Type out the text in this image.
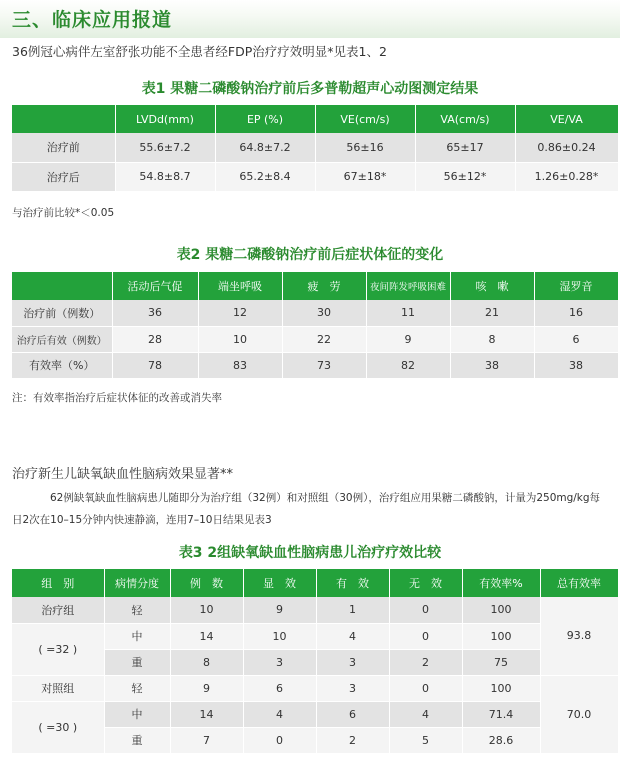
三、临床应用报道
36例冠心病伴左室舒张功能不全患者经FDP治疗疗效明显*见表1、2
表1 果糖二磷酸钠治疗前后多普勒超声心动图测定结果
	LVDd(mm)	EP (%)	VE(cm/s)	VA(cm/s)	VE/VA
治疗前	55.6±7.2	64.8±7.2	56±16	65±17	0.86±0.24
治疗后	54.8±8.7	65.2±8.4	67±18*	56±12*	1.26±0.28*
与治疗前比较*＜0.05
表2 果糖二磷酸钠治疗前后症状体征的变化
	活动后气促	端坐呼吸	疲　劳	夜间阵发呼吸困难	咳　嗽	湿罗音
治疗前（例数）	36	12	30	11	21	16
治疗后有效（例数）	28	10	22	9	8	6
有效率（%）	78	83	73	82	38	38
注：有效率指治疗后症状体征的改善或消失率
治疗新生儿缺氧缺血性脑病效果显著**
62例缺氧缺血性脑病患儿随即分为治疗组（32例）和对照组（30例），治疗组应用果糖二磷酸钠，计量为250mg/kg每
日2次在10–15分钟内快速静滴，连用7–10日结果见表3
表3 2组缺氧缺血性脑病患儿治疗疗效比较
组　别	病情分度	例　数	显　效	有　效	无　效	有效率%	总有效率
治疗组	轻	10	9	1	0	100	93.8
( =32 )	中	14	10	4	0	100	
	重	8	3	3	2	75	
对照组	轻	9	6	3	0	100	70.0
( =30 )	中	14	4	6	4	71.4	
	重	7	0	2	5	28.6	
